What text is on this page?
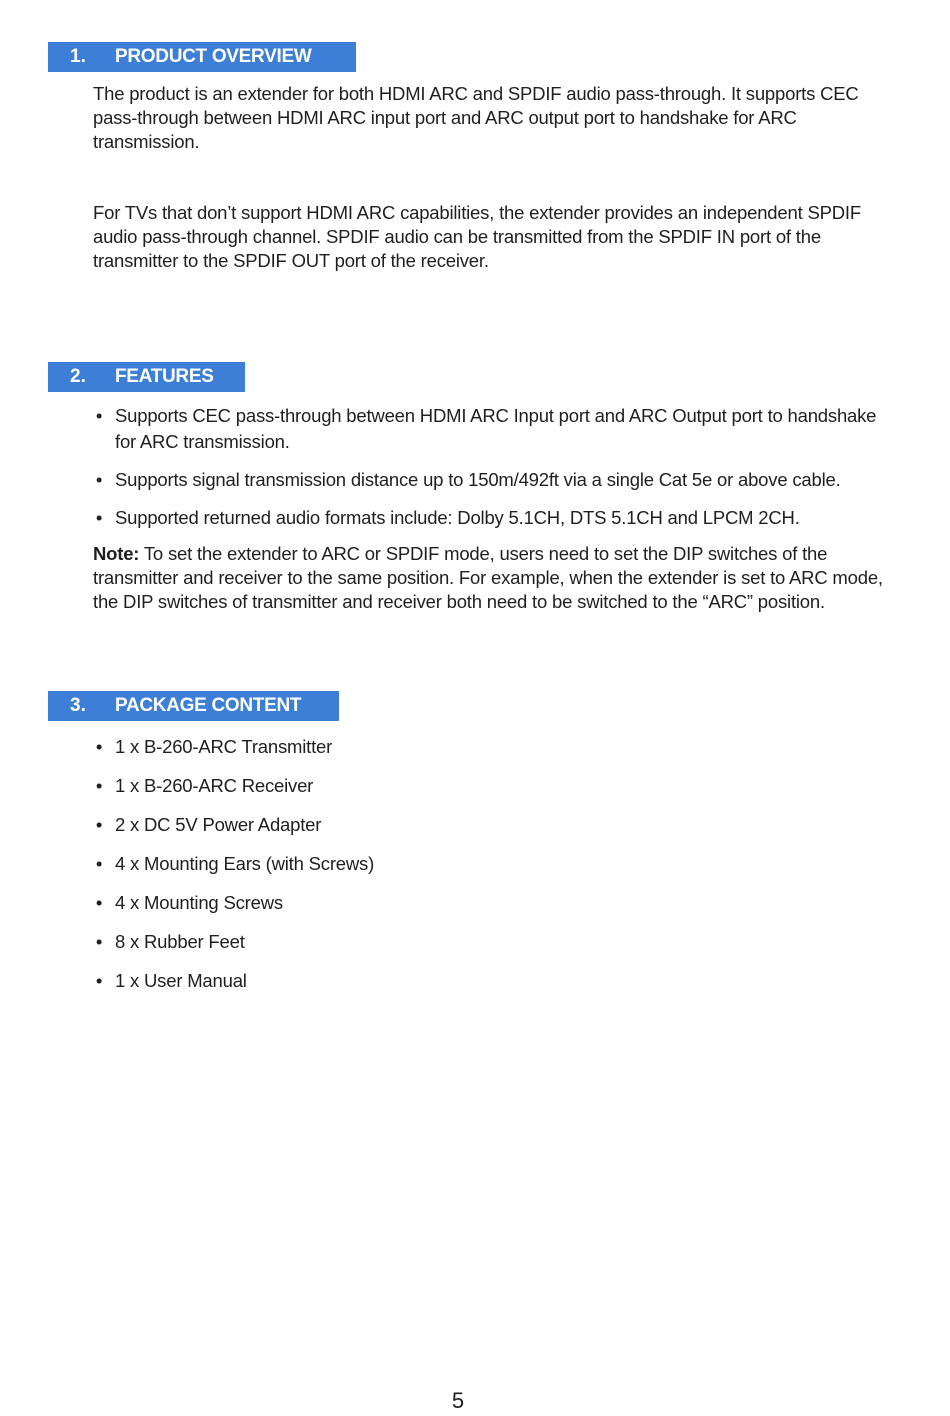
1. PRODUCT OVERVIEW

The product is an extender for both HDMI ARC and SPDIF audio pass-through. It supports CEC pass-through between HDMI ARC input port and ARC output port to handshake for ARC transmission.

For TVs that don’t support HDMI ARC capabilities, the extender provides an independent SPDIF audio pass-through channel. SPDIF audio can be transmitted from the SPDIF IN port of the transmitter to the SPDIF OUT port of the receiver.

2. FEATURES
• Supports CEC pass-through between HDMI ARC Input port and ARC Output port to handshake for ARC transmission.
• Supports signal transmission distance up to 150m/492ft via a single Cat 5e or above cable.
• Supported returned audio formats include: Dolby 5.1CH, DTS 5.1CH and LPCM 2CH.

Note: To set the extender to ARC or SPDIF mode, users need to set the DIP switches of the transmitter and receiver to the same position. For example, when the extender is set to ARC mode, the DIP switches of transmitter and receiver both need to be switched to the “ARC” position.

3. PACKAGE CONTENT
• 1 x B-260-ARC Transmitter
• 1 x B-260-ARC Receiver
• 2 x DC 5V Power Adapter
• 4 x Mounting Ears (with Screws)
• 4 x Mounting Screws
• 8 x Rubber Feet
• 1 x User Manual
5
